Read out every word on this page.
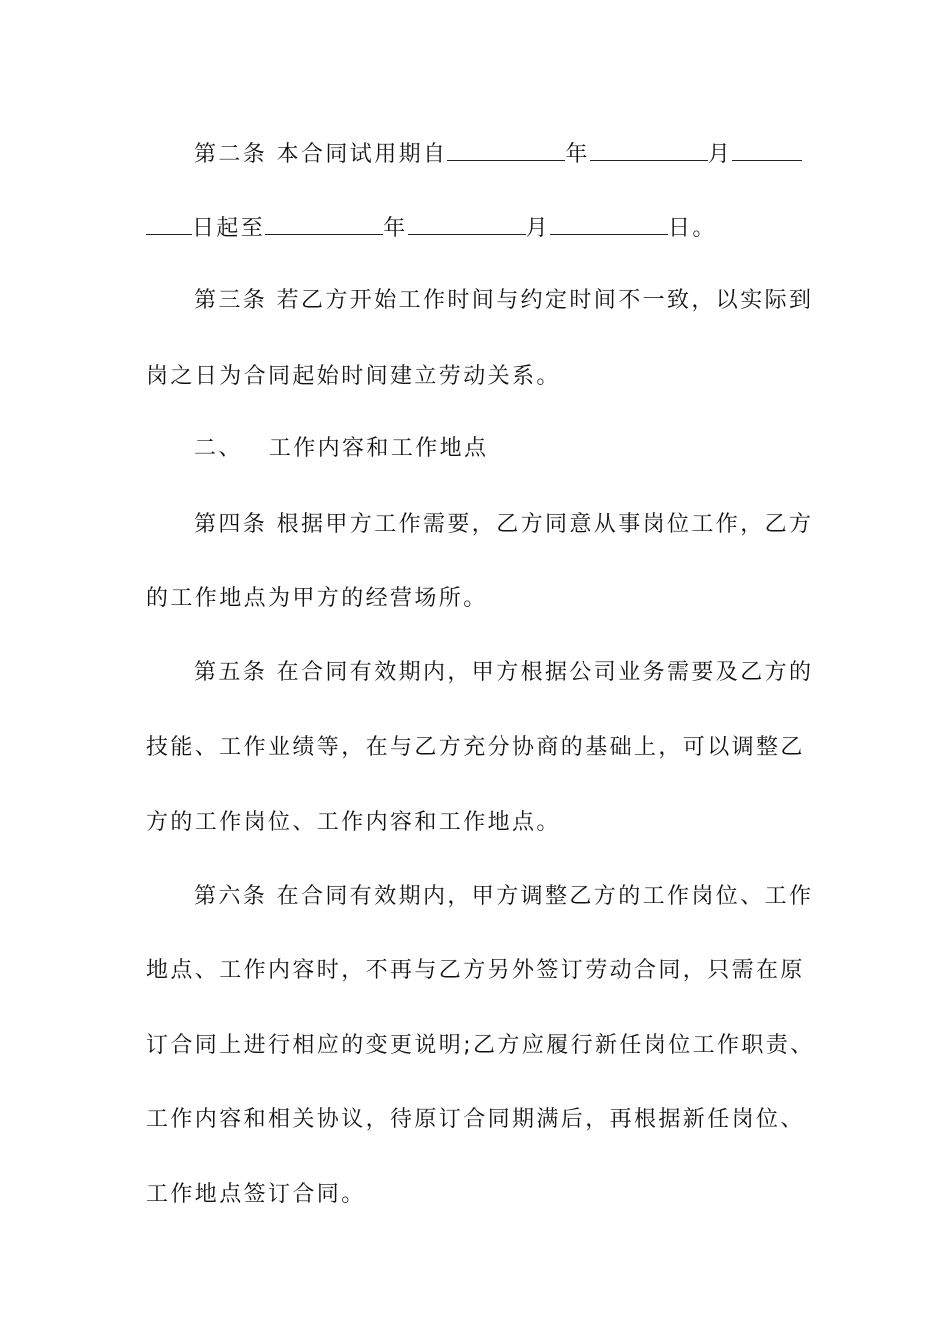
第二条 本合同试用期自	年	月
日起至	年	月	日。
第三条 若乙方开始工作时间与约定时间不一致，以实际到
岗之日为合同起始时间建立劳动关系。
二、 工作内容和工作地点
第四条 根据甲方工作需要，乙方同意从事岗位工作，乙方
的工作地点为甲方的经营场所。
第五条 在合同有效期内，甲方根据公司业务需要及乙方的
技能、工作业绩等，在与乙方充分协商的基础上，可以调整乙
方的工作岗位、工作内容和工作地点。
第六条 在合同有效期内，甲方调整乙方的工作岗位、工作
地点、工作内容时，不再与乙方另外签订劳动合同，只需在原
订合同上进行相应的变更说明;乙方应履行新任岗位工作职责、
工作内容和相关协议，待原订合同期满后，再根据新任岗位、
工作地点签订合同。
